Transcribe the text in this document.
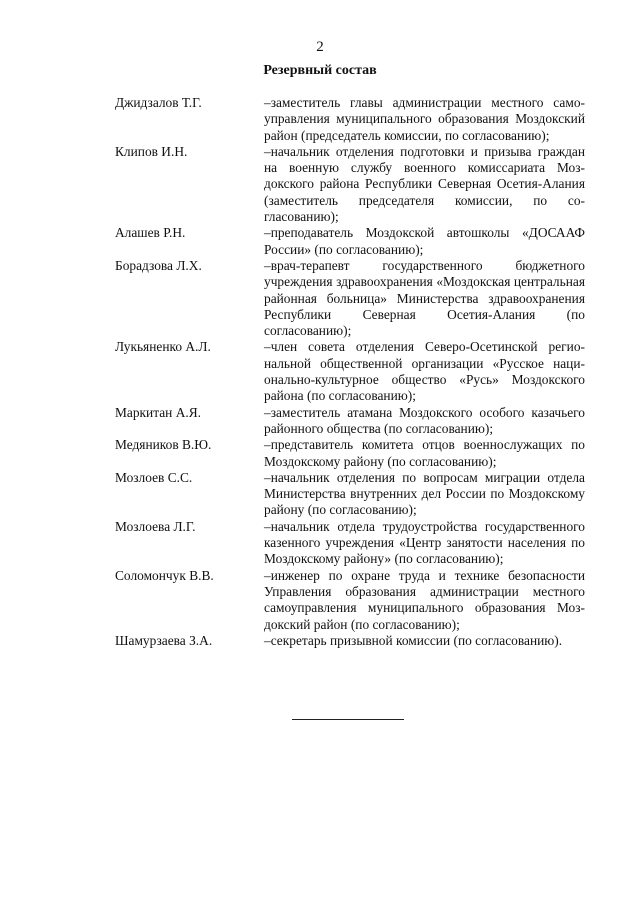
2
Резервный состав
Джидзалов Т.Г.	–заместитель главы администрации местного самоуправления муниципального образования Моздокский район (председатель комиссии, по согласованию);
Клипов И.Н.	–начальник отделения подготовки и призыва граждан на военную службу военного комиссариата Моздокского района Республики Северная Осетия-Алания (заместитель председателя комиссии, по согласованию);
Алашев Р.Н.	–преподаватель Моздокской автошколы «ДОСААФ России» (по согласованию);
Борадзова Л.Х.	–врач-терапевт государственного бюджетного учреждения здравоохранения «Моздокская центральная районная больница» Министерства здравоохранения Республики Северная Осетия-Алания (по согласованию);
Лукьяненко А.Л.	–член совета отделения Северо-Осетинской региональной общественной организации «Русское национально-культурное общество «Русь» Моздокского района (по согласованию);
Маркитан А.Я.	–заместитель атамана Моздокского особого казачьего районного общества (по согласованию);
Медяников В.Ю.	–представитель комитета отцов военнослужащих по Моздокскому району (по согласованию);
Мозлоев С.С.	–начальник отделения по вопросам миграции отдела Министерства внутренних дел России по Моздокскому району (по согласованию);
Мозлоева Л.Г.	–начальник отдела трудоустройства государственного казенного учреждения «Центр занятости населения по Моздокскому району» (по согласованию);
Соломончук В.В.	–инженер по охране труда и технике безопасности Управления образования администрации местного самоуправления муниципального образования Моздокский район (по согласованию);
Шамурзаева З.А.	–секретарь призывной комиссии (по согласованию).
